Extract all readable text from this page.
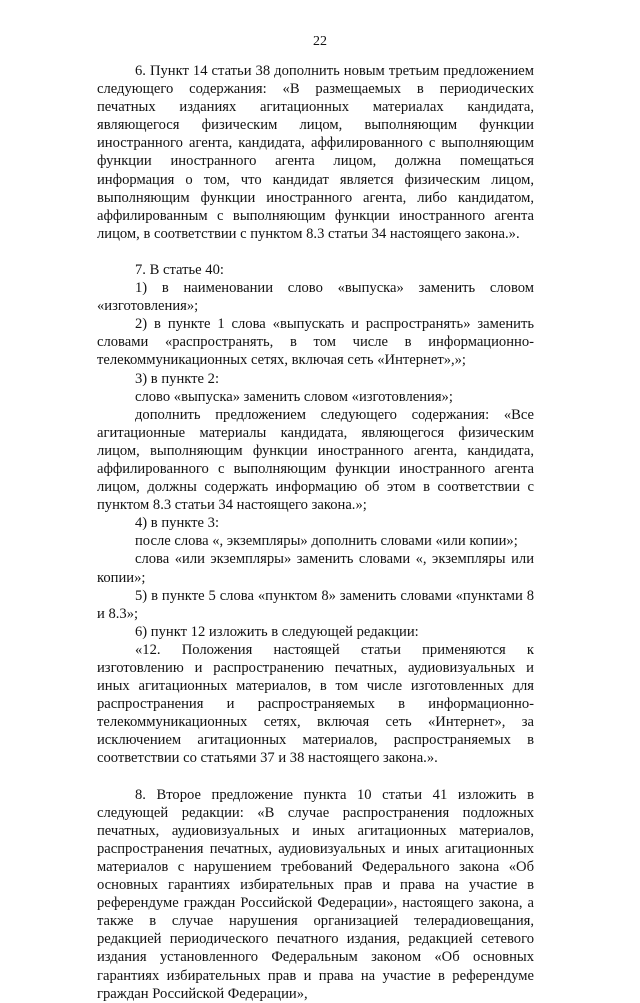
22

6. Пункт 14 статьи 38 дополнить новым третьим предложением следующего содержания: «В размещаемых в периодических печатных изданиях агитационных материалах кандидата, являющегося физическим лицом, выполняющим функции иностранного агента, кандидата, аффилированного с выполняющим функции иностранного агента лицом, должна помещаться информация о том, что кандидат является физическим лицом, выполняющим функции иностранного агента, либо кандидатом, аффилированным с выполняющим функции иностранного агента лицом, в соответствии с пунктом 8.3 статьи 34 настоящего закона.».

7. В статье 40:

1) в наименовании слово «выпуска» заменить словом «изготовления»;

2) в пункте 1 слова «выпускать и распространять» заменить словами «распространять, в том числе в информационно-телекоммуникационных сетях, включая сеть «Интернет»,»;

3) в пункте 2:

слово «выпуска» заменить словом «изготовления»;

дополнить предложением следующего содержания: «Все агитационные материалы кандидата, являющегося физическим лицом, выполняющим функции иностранного агента, кандидата, аффилированного с выполняющим функции иностранного агента лицом, должны содержать информацию об этом в соответствии с пунктом 8.3 статьи 34 настоящего закона.»;

4) в пункте 3:

после слова «, экземпляры» дополнить словами «или копии»;

слова «или экземпляры» заменить словами «, экземпляры или копии»;

5) в пункте 5 слова «пунктом 8» заменить словами «пунктами 8 и 8.3»;

6) пункт 12 изложить в следующей редакции:

«12. Положения настоящей статьи применяются к изготовлению и распространению печатных, аудиовизуальных и иных агитационных материалов, в том числе изготовленных для распространения и распространяемых в информационно-телекоммуникационных сетях, включая сеть «Интернет», за исключением агитационных материалов, распространяемых в соответствии со статьями 37 и 38 настоящего закона.».

8. Второе предложение пункта 10 статьи 41 изложить в следующей редакции: «В случае распространения подложных печатных, аудиовизуальных и иных агитационных материалов, распространения печатных, аудиовизуальных и иных агитационных материалов с нарушением требований Федерального закона «Об основных гарантиях избирательных прав и права на участие в референдуме граждан Российской Федерации», настоящего закона, а также в случае нарушения организацией телерадиовещания, редакцией периодического печатного издания, редакцией сетевого издания установленного Федеральным законом «Об основных гарантиях избирательных прав и права на участие в референдуме граждан Российской Федерации»,
